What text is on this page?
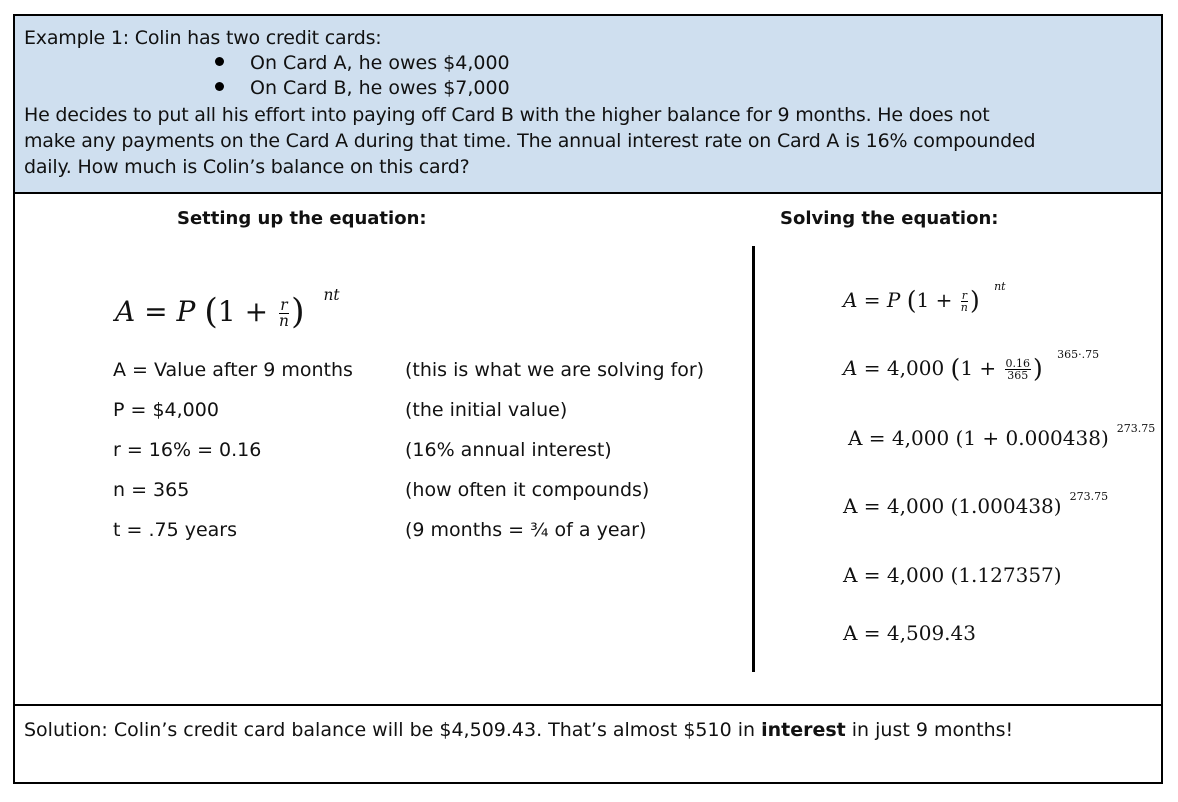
Example 1: Colin has two credit cards:
On Card A, he owes $4,000
On Card B, he owes $7,000
He decides to put all his effort into paying off Card B with the higher balance for 9 months. He does not
make any payments on the Card A during that time. The annual interest rate on Card A is 16% compounded
daily. How much is Colin’s balance on this card?
Setting up the equation:	Solving the equation:
A = P ($1 + \frac{r}{n}$ ) $^{nt}$
A = Value after 9 months	(this is what we are solving for)
P = $4,000	(the initial value)
r = 16% = 0.16	(16% annual interest)
n = 365	(how often it compounds)
t = .75 years	(9 months = ¾ of a year)
A = P ($1 + \frac{r}{n}$ ) $^{nt}$
A = 4,000 ($1 + \frac{0.16}{365}$ ) $^{365\cdot.75}$
A = 4,000 (1 + 0.000438) $^{273.75}$
A = 4,000 (1.000438) $^{273.75}$
A = 4,000 (1.127357)
A = 4,509.43
Solution: Colin’s credit card balance will be $4,509.43. That’s almost $510 in interest in just 9 months!
